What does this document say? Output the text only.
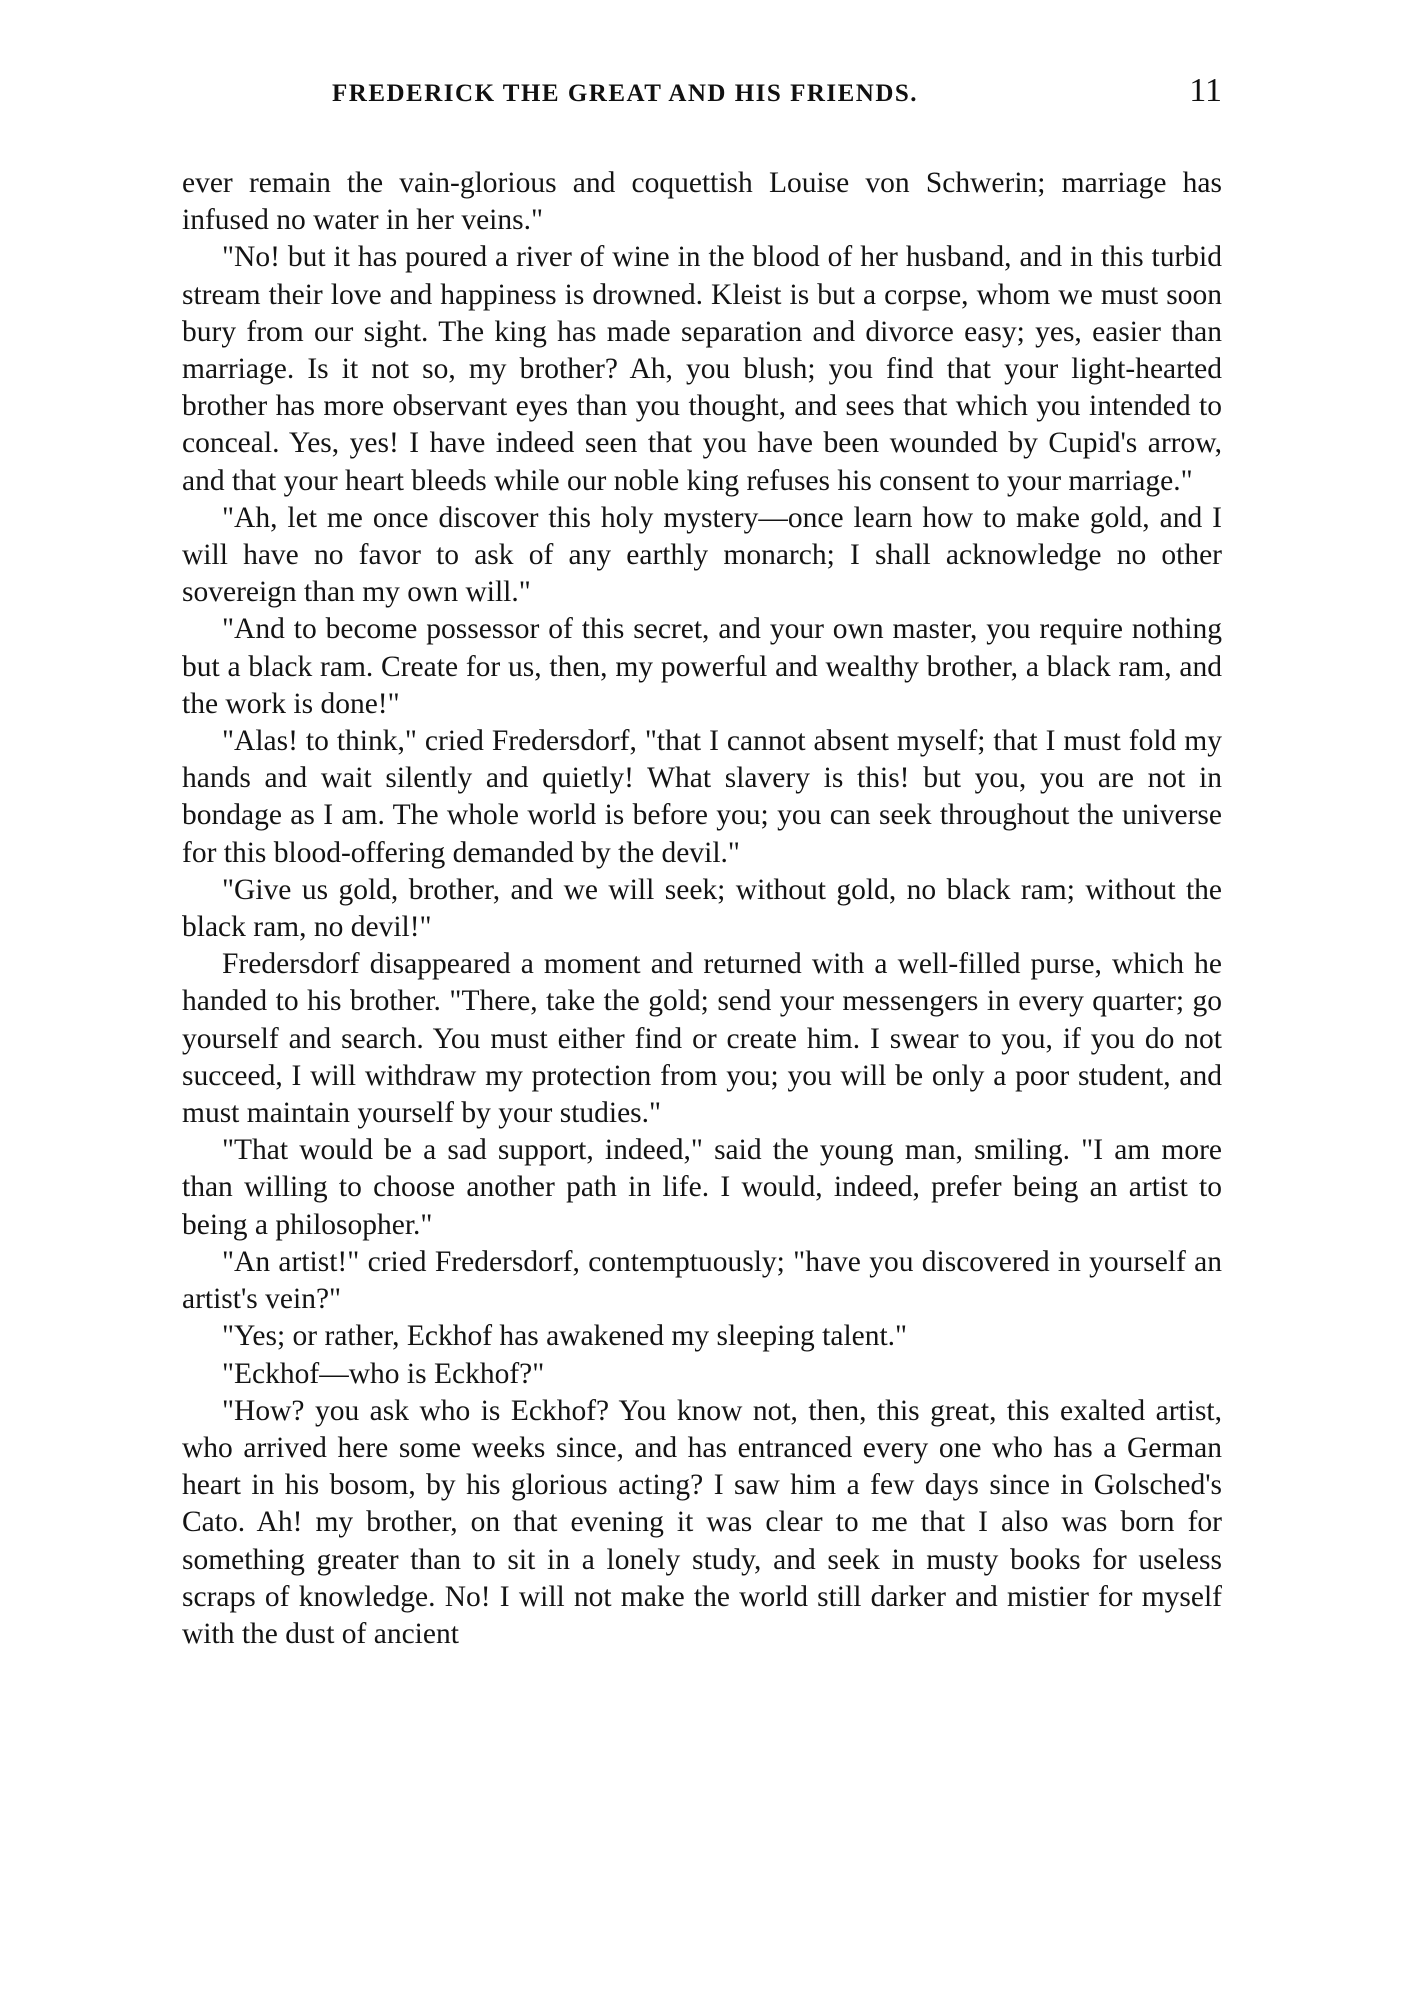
FREDERICK THE GREAT AND HIS FRIENDS.	11

ever remain the vain-glorious and coquettish Louise von Schwerin; marriage has infused no water in her veins."

"No! but it has poured a river of wine in the blood of her husband, and in this turbid stream their love and happiness is drowned. Kleist is but a corpse, whom we must soon bury from our sight. The king has made separation and divorce easy; yes, easier than marriage. Is it not so, my brother? Ah, you blush; you find that your light-hearted brother has more observant eyes than you thought, and sees that which you intended to conceal. Yes, yes! I have indeed seen that you have been wounded by Cupid's arrow, and that your heart bleeds while our noble king refuses his consent to your marriage."

"Ah, let me once discover this holy mystery—once learn how to make gold, and I will have no favor to ask of any earthly monarch; I shall acknowledge no other sovereign than my own will."

"And to become possessor of this secret, and your own master, you require nothing but a black ram. Create for us, then, my powerful and wealthy brother, a black ram, and the work is done!"

"Alas! to think," cried Fredersdorf, "that I cannot absent myself; that I must fold my hands and wait silently and quietly! What slavery is this! but you, you are not in bondage as I am. The whole world is before you; you can seek throughout the universe for this blood-offering demanded by the devil."

"Give us gold, brother, and we will seek; without gold, no black ram; without the black ram, no devil!"

Fredersdorf disappeared a moment and returned with a well-filled purse, which he handed to his brother. "There, take the gold; send your messengers in every quarter; go yourself and search. You must either find or create him. I swear to you, if you do not succeed, I will withdraw my protection from you; you will be only a poor student, and must maintain yourself by your studies."

"That would be a sad support, indeed," said the young man, smiling. "I am more than willing to choose another path in life. I would, indeed, prefer being an artist to being a philosopher."

"An artist!" cried Fredersdorf, contemptuously; "have you discovered in yourself an artist's vein?"

"Yes; or rather, Eckhof has awakened my sleeping talent."

"Eckhof—who is Eckhof?"

"How? you ask who is Eckhof? You know not, then, this great, this exalted artist, who arrived here some weeks since, and has entranced every one who has a German heart in his bosom, by his glorious acting? I saw him a few days since in Golsched's Cato. Ah! my brother, on that evening it was clear to me that I also was born for something greater than to sit in a lonely study, and seek in musty books for useless scraps of knowledge. No! I will not make the world still darker and mistier for myself with the dust of ancient
